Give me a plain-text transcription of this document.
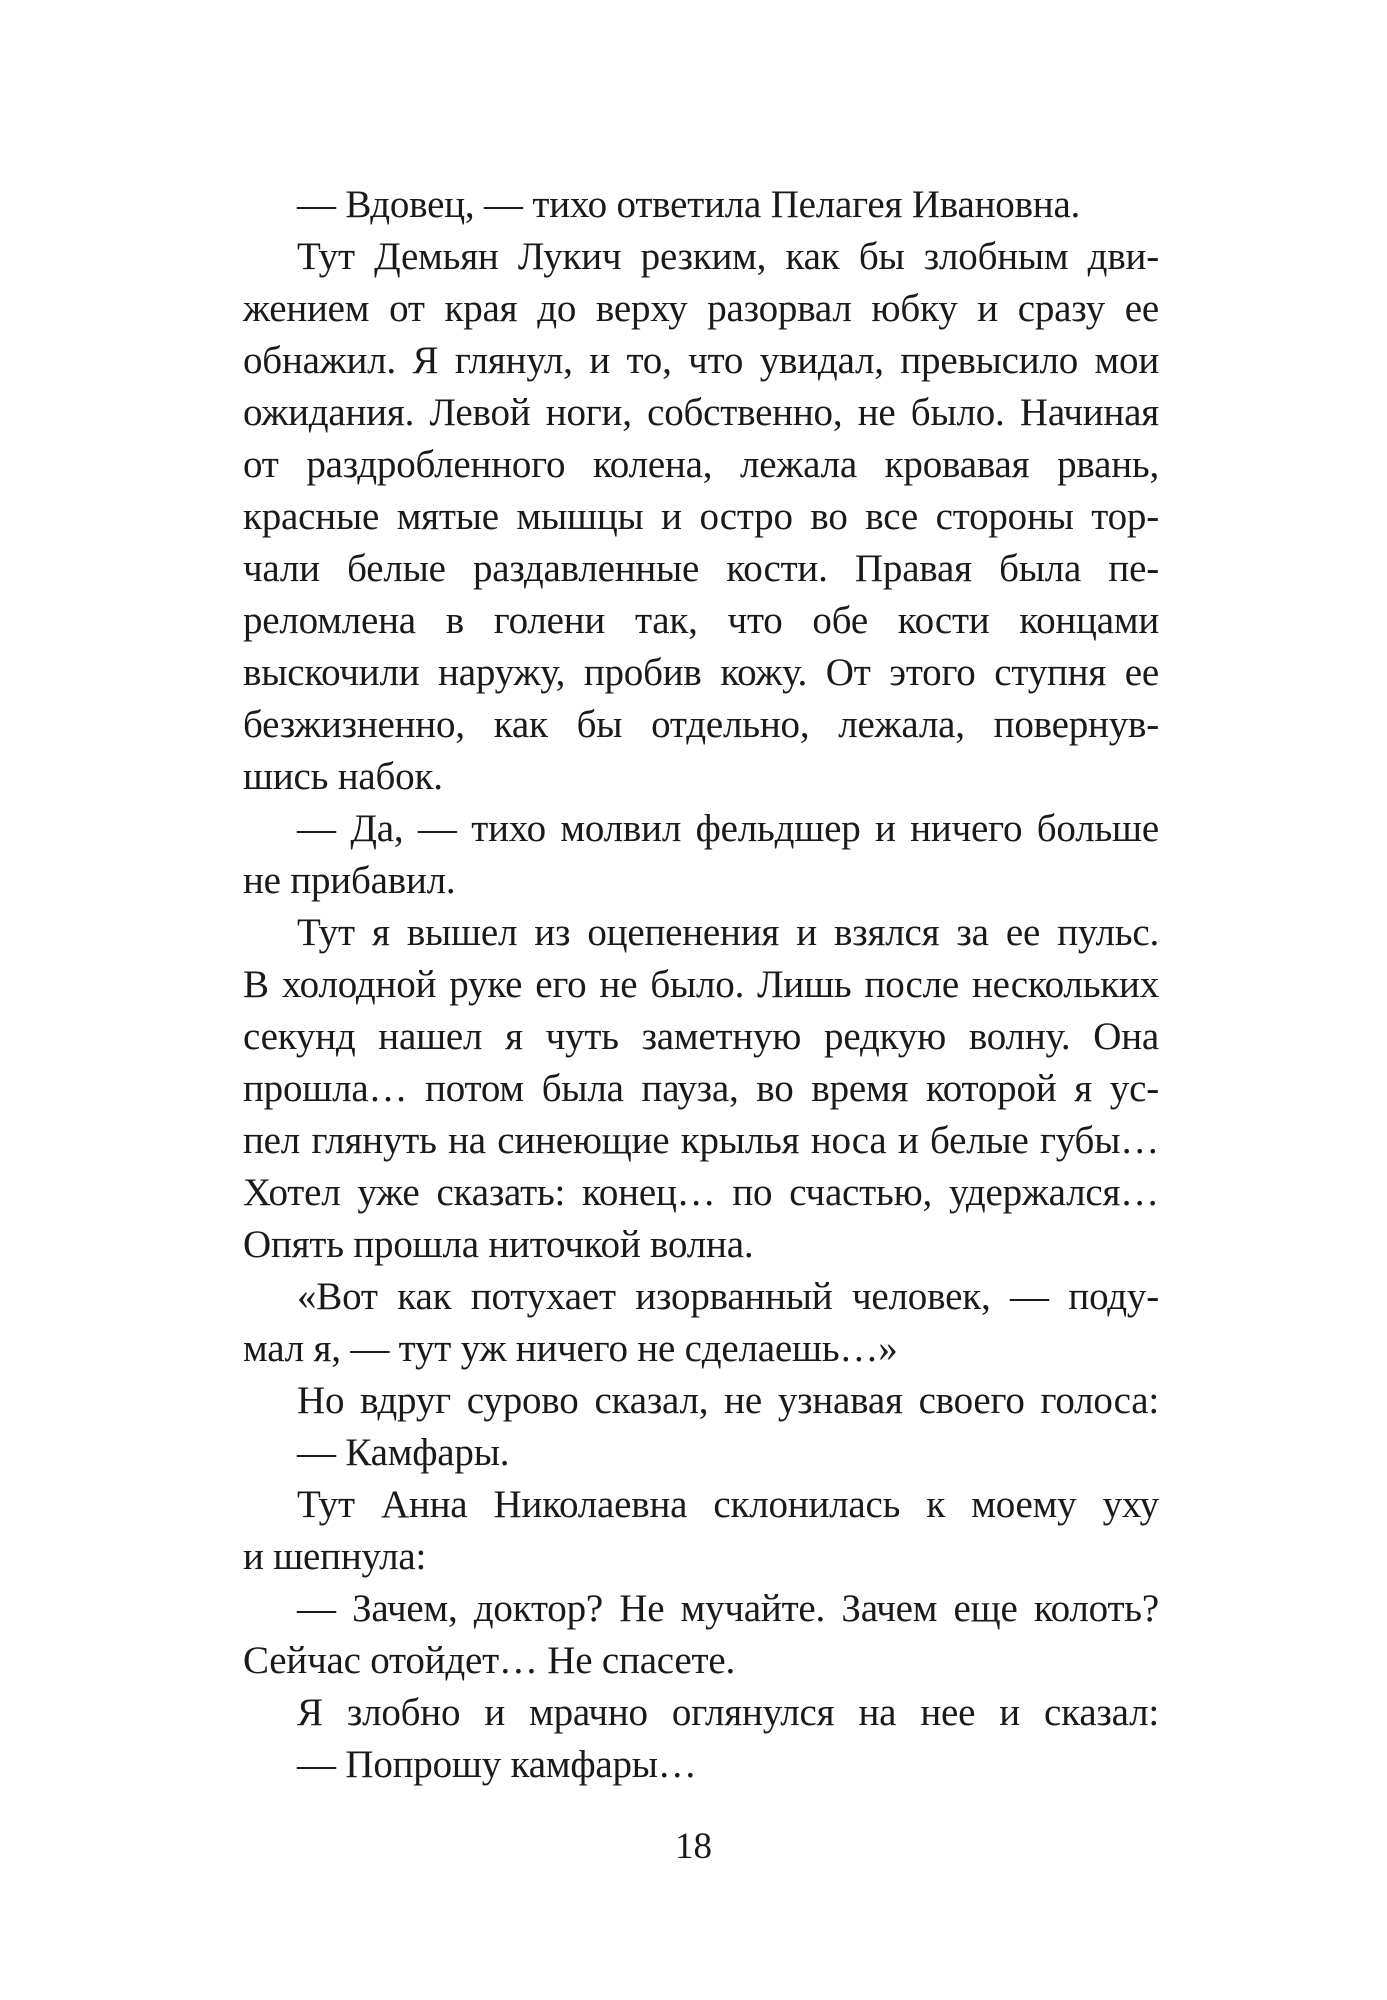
— Вдовец, — тихо ответила Пелагея Ивановна.
Тут Демьян Лукич резким, как бы злобным дви-
жением от края до верху разорвал юбку и сразу ее
обнажил. Я глянул, и то, что увидал, превысило мои
ожидания. Левой ноги, собственно, не было. Начиная
от раздробленного колена, лежала кровавая рвань,
красные мятые мышцы и остро во все стороны тор-
чали белые раздавленные кости. Правая была пе-
реломлена в голени так, что обе кости концами
выскочили наружу, пробив кожу. От этого ступня ее
безжизненно, как бы отдельно, лежала, повернув-
шись набок.
— Да, — тихо молвил фельдшер и ничего больше
не прибавил.
Тут я вышел из оцепенения и взялся за ее пульс.
В холодной руке его не было. Лишь после нескольких
секунд нашел я чуть заметную редкую волну. Она
прошла… потом была пауза, во время которой я ус-
пел глянуть на синеющие крылья носа и белые губы…
Хотел уже сказать: конец… по счастью, удержался…
Опять прошла ниточкой волна.
«Вот как потухает изорванный человек, — поду-
мал я, — тут уж ничего не сделаешь…»
Но вдруг сурово сказал, не узнавая своего голоса:
— Камфары.
Тут Анна Николаевна склонилась к моему уху
и шепнула:
— Зачем, доктор? Не мучайте. Зачем еще колоть?
Сейчас отойдет… Не спасете.
Я злобно и мрачно оглянулся на нее и сказал:
— Попрошу камфары…
18
